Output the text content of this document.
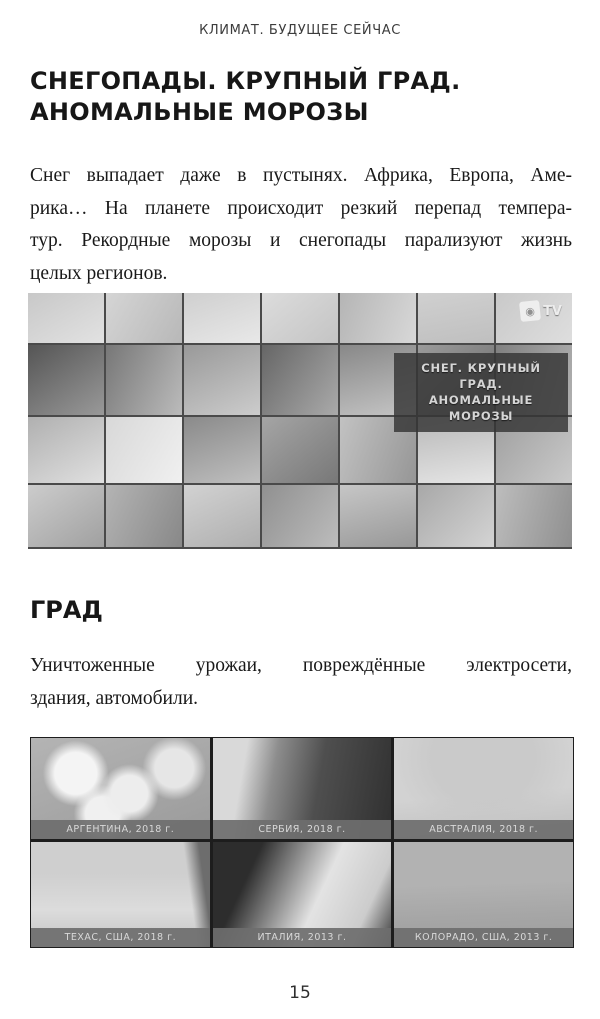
КЛИМАТ. БУДУЩЕЕ СЕЙЧАС
СНЕГОПАДЫ. КРУПНЫЙ ГРАД.
АНОМАЛЬНЫЕ МОРОЗЫ
Снег выпадает даже в пустынях. Африка, Европа, Аме-
рика… На планете происходит резкий перепад темпера-
тур. Рекордные морозы и снегопады парализуют жизнь
целых регионов.
◉ TV
СНЕГ. КРУПНЫЙ ГРАД.
АНОМАЛЬНЫЕ МОРОЗЫ
ГРАД
Уничтоженные урожаи, повреждённые электросети,
здания, автомобили.
АРГЕНТИНА, 2018 г.	СЕРБИЯ, 2018 г.	АВСТРАЛИЯ, 2018 г.
ТЕХАС, США, 2018 г.	ИТАЛИЯ, 2013 г.	КОЛОРАДО, США, 2013 г.
15
